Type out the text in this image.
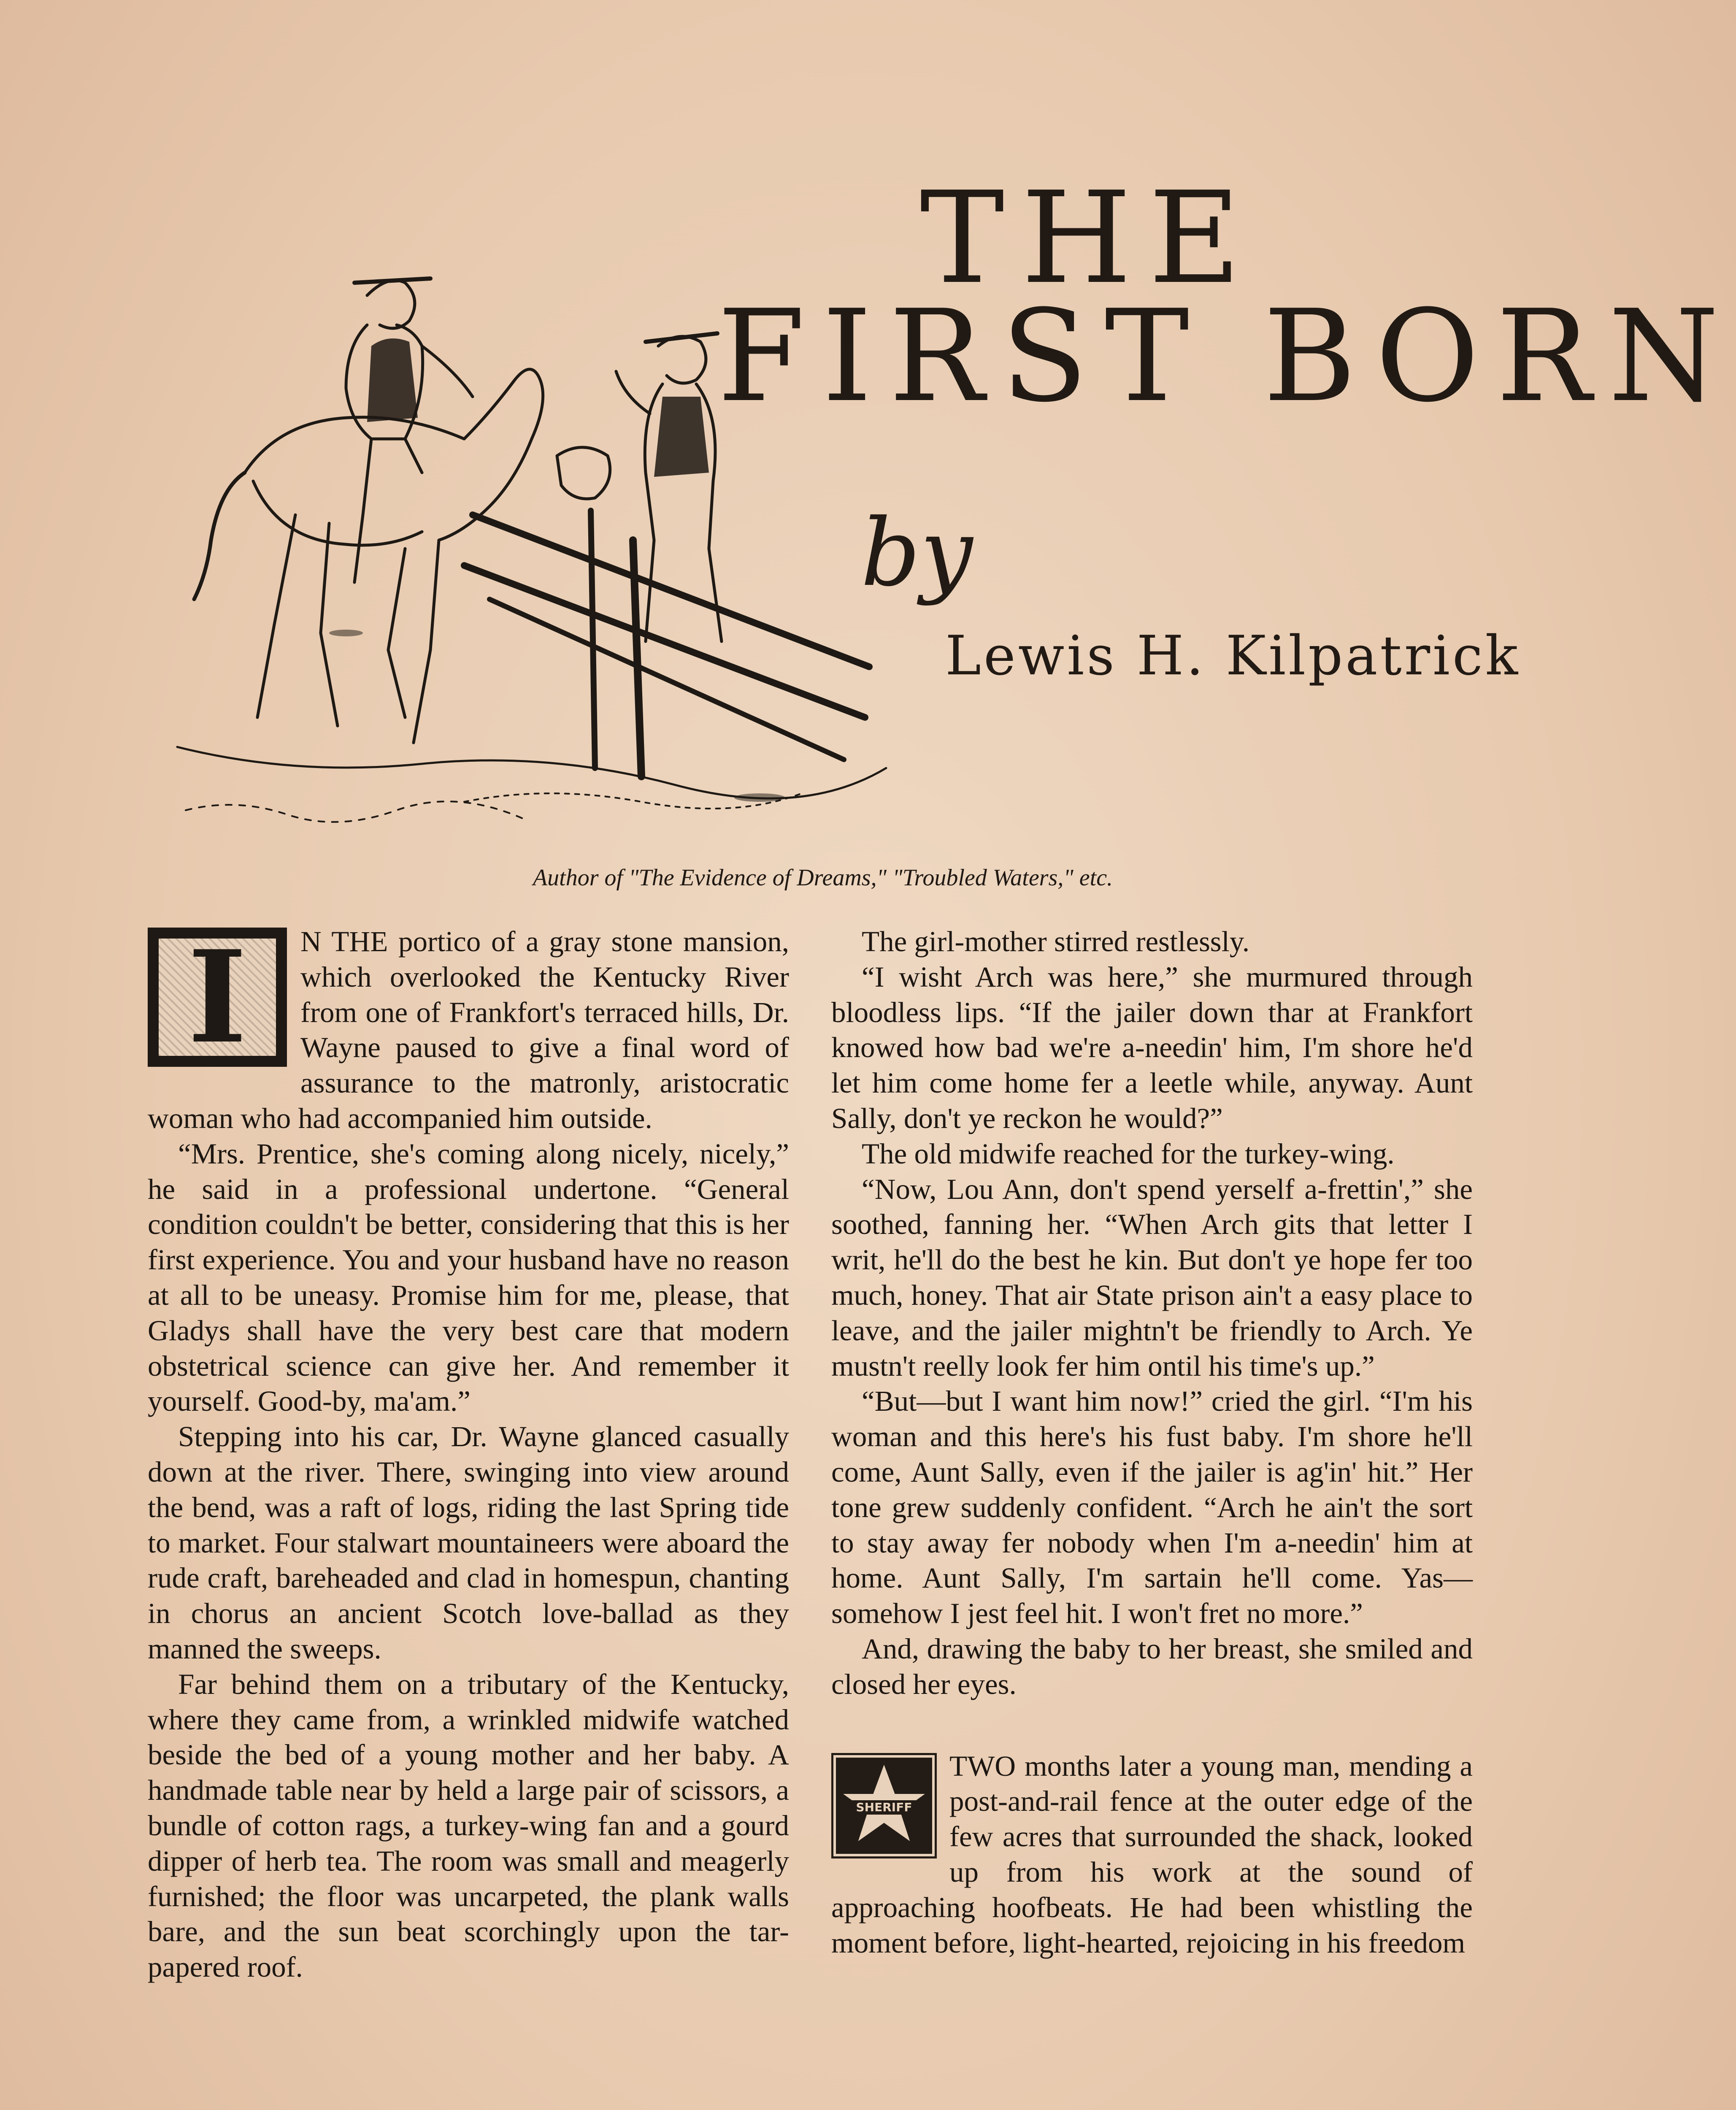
THE
FIRST BORN
by
Lewis H. Kilpatrick
Author of "The Evidence of Dreams," "Troubled Waters," etc.
I	N THE portico of a gray stone mansion, which overlooked the Kentucky River from one of Frankfort's terraced hills, Dr. Wayne paused to give a final word of assurance to the matronly, aristocratic woman who had accompanied him outside.

“Mrs. Prentice, she's coming along nicely, nicely,” he said in a professional undertone. “General condition couldn't be better, considering that this is her first experience. You and your husband have no reason at all to be uneasy. Promise him for me, please, that Gladys shall have the very best care that modern obstetrical science can give her. And remember it yourself. Good-by, ma'am.”

Stepping into his car, Dr. Wayne glanced casually down at the river. There, swinging into view around the bend, was a raft of logs, riding the last Spring tide to market. Four stalwart mountaineers were aboard the rude craft, bareheaded and clad in homespun, chanting in chorus an ancient Scotch love-ballad as they manned the sweeps.

Far behind them on a tributary of the Kentucky, where they came from, a wrinkled midwife watched beside the bed of a young mother and her baby. A handmade table near by held a large pair of scissors, a bundle of cotton rags, a turkey-wing fan and a gourd dipper of herb tea. The room was small and meagerly furnished; the floor was uncarpeted, the plank walls bare, and the sun beat scorchingly upon the tar-papered roof.

The girl-mother stirred restlessly.

“I wisht Arch was here,” she murmured through bloodless lips. “If the jailer down thar at Frankfort knowed how bad we're a-needin' him, I'm shore he'd let him come home fer a leetle while, anyway. Aunt Sally, don't ye reckon he would?”

The old midwife reached for the turkey-wing.

“Now, Lou Ann, don't spend yerself a-frettin',” she soothed, fanning her. “When Arch gits that letter I writ, he'll do the best he kin. But don't ye hope fer too much, honey. That air State prison ain't a easy place to leave, and the jailer mightn't be friendly to Arch. Ye mustn't reelly look fer him ontil his time's up.”

“But—but I want him now!” cried the girl. “I'm his woman and this here's his fust baby. I'm shore he'll come, Aunt Sally, even if the jailer is ag'in' hit.” Her tone grew suddenly confident. “Arch he ain't the sort to stay away fer nobody when I'm a-needin' him at home. Aunt Sally, I'm sartain he'll come. Yas—somehow I jest feel hit. I won't fret no more.”

And, drawing the baby to her breast, she smiled and closed her eyes.

SHERIFF

TWO months later a young man, mending a post-and-rail fence at the outer edge of the few acres that surrounded the shack, looked up from his work at the sound of approaching hoofbeats. He had been whistling the moment before, light-hearted, rejoicing in his freedom
